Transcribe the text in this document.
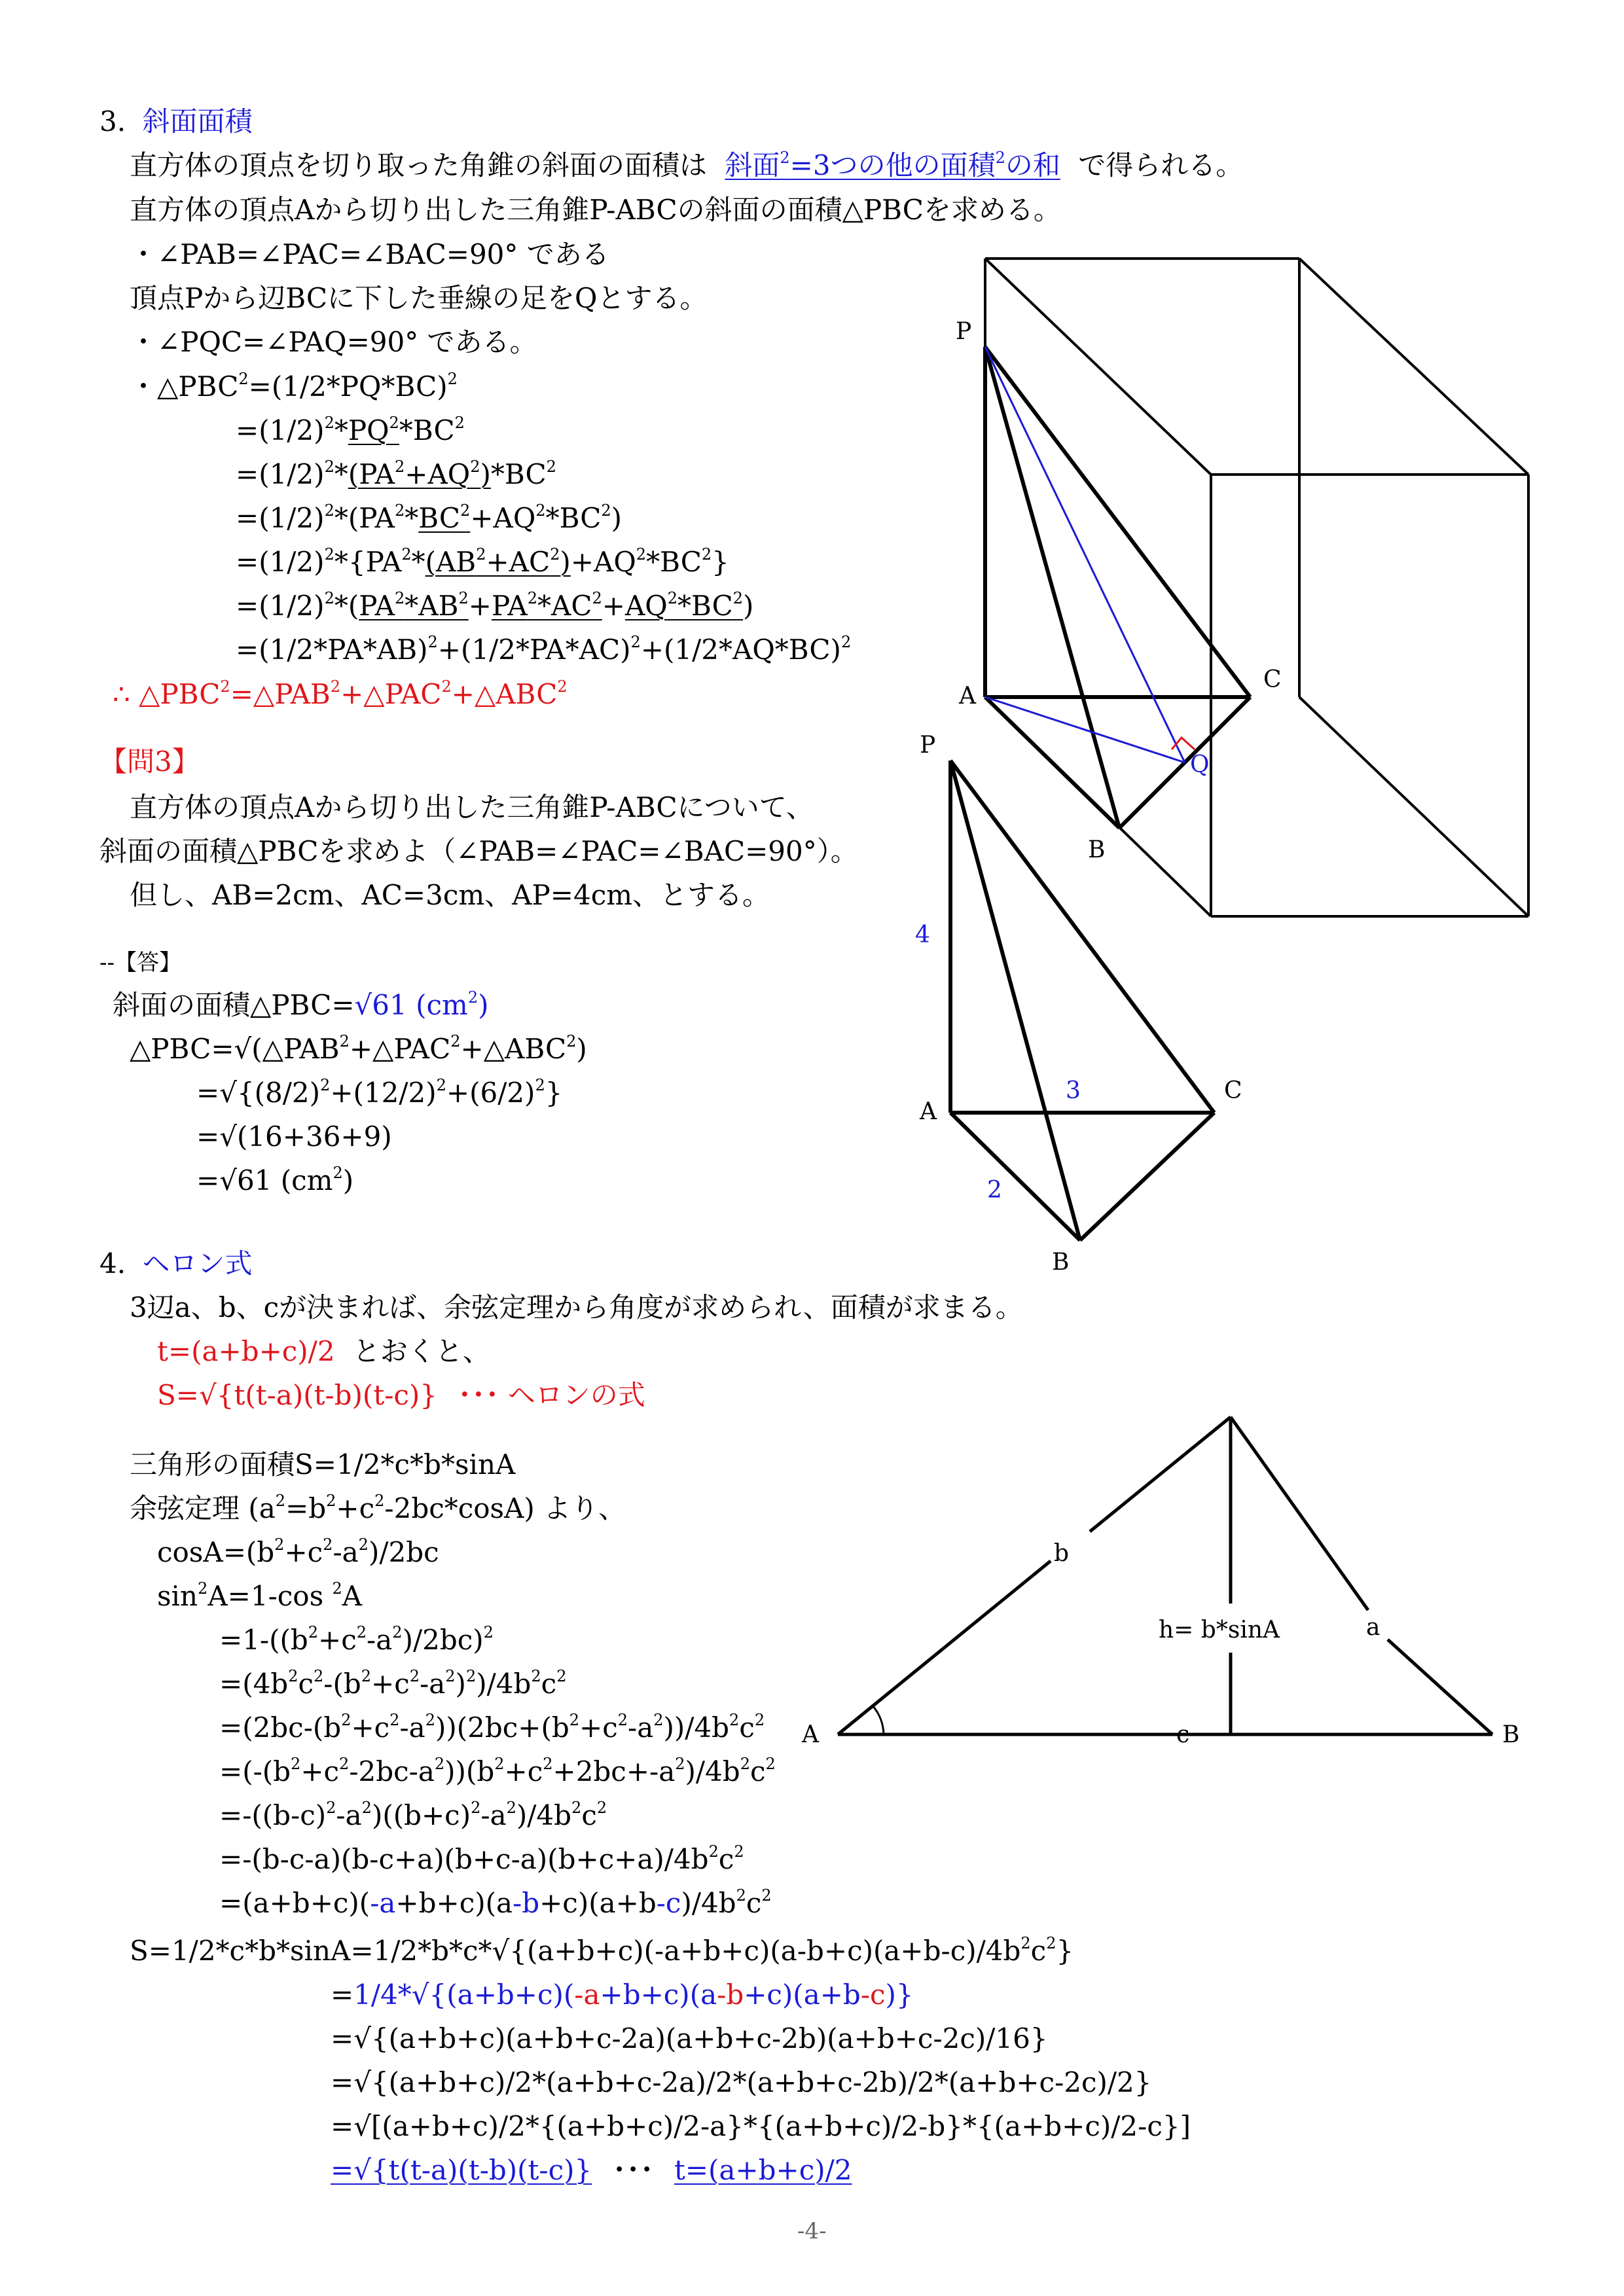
3. 斜面面積
直方体の頂点を切り取った角錐の斜面の面積は 斜面$^2$=3つの他の面積$^2$の和 で得られる。
直方体の頂点Aから切り出した三角錐P-ABCの斜面の面積△PBCを求める。
・∠PAB=∠PAC=∠BAC=90° である
頂点Pから辺BCに下した垂線の足をQとする。
・∠PQC=∠PAQ=90° である。
・$\triangle PBC^2=(1/2*PQ*BC)^2$
$=(1/2)^2*PQ^2*BC^2$
$=(1/2)^2*(PA^2+AQ^2)*BC^2$
$=(1/2)^2*(PA^2*BC^2+AQ^2*BC^2)$
$=(1/2)^2*\{PA^2*(AB^2+AC^2)+AQ^2*BC^2\}$
$=(1/2)^2*(PA^2*AB^2+PA^2*AC^2+AQ^2*BC^2)$
$=(1/2*PA*AB)^2+(1/2*PA*AC)^2+(1/2*AQ*BC)^2$
∴ $\triangle PBC^2=\triangle PAB^2+\triangle PAC^2+\triangle ABC^2$
【問3】
直方体の頂点Aから切り出した三角錐P-ABCについて、
斜面の面積△PBCを求めよ（∠PAB=∠PAC=∠BAC=90°）。
但し、AB=2cm、AC=3cm、AP=4cm、とする。
--【答】
斜面の面積△PBC=√61 $(cm^2)$
$\triangle PBC=√(\triangle PAB^2+\triangle PAC^2+\triangle ABC^2)$
$=√\{(8/2)^2+(12/2)^2+(6/2)^2\}$
=√(16+36+9)
=√61 $(cm^2)$
4. ヘロン式
3辺a、b、cが決まれば、余弦定理から角度が求められ、面積が求まる。
t=(a+b+c)/2 とおくと、
S=√{t(t-a)(t-b)(t-c)} ･･･ ヘロンの式
三角形の面積S=1/2*c*b*sinA
余弦定理 $(a^2=b^2+c^2-2bc*\cos A)$ より、
$\cos A=(b^2+c^2-a^2)/2bc$
$\sin^2A=1-\cos$ $^2$A
$=1-((b^2+c^2-a^2)/2bc)^2$
$=(4b^2c^2-(b^2+c^2-a^2)^2)/4b^2c^2$
$=(2bc-(b^2+c^2-a^2))(2bc+(b^2+c^2-a^2))/4b^2c^2$
$=(-(b^2+c^2-2bc-a^2))(b^2+c^2+2bc+-a^2)/4b^2c^2$
$=-((b-c)^2-a^2)((b+c)^2-a^2)/4b^2c^2$
$=-(b-c-a)(b-c+a)(b+c-a)(b+c+a)/4b^2c^2$
$=(a+b+c)(-a+b+c)(a-b+c)(a+b-c)/4b^2c^2$
$S=1/2*c*b*\sin A=1/2*b*c*√\{(a+b+c)(-a+b+c)(a-b+c)(a+b-c)/4b^2c^2\}$
=1/4*√{(a+b+c)(-a+b+c)(a-b+c)(a+b-c)}
=√{(a+b+c)(a+b+c-2a)(a+b+c-2b)(a+b+c-2c)/16}
=√{(a+b+c)/2*(a+b+c-2a)/2*(a+b+c-2b)/2*(a+b+c-2c)/2}
=√[(a+b+c)/2*{(a+b+c)/2-a}*{(a+b+c)/2-b}*{(a+b+c)/2-c}]
=√{t(t-a)(t-b)(t-c)} ･･･ t=(a+b+c)/2
-4-
P
A
C
B
Q
P
A
C
B
4
3
2
A	B
b
a
c
h= b*sinA
